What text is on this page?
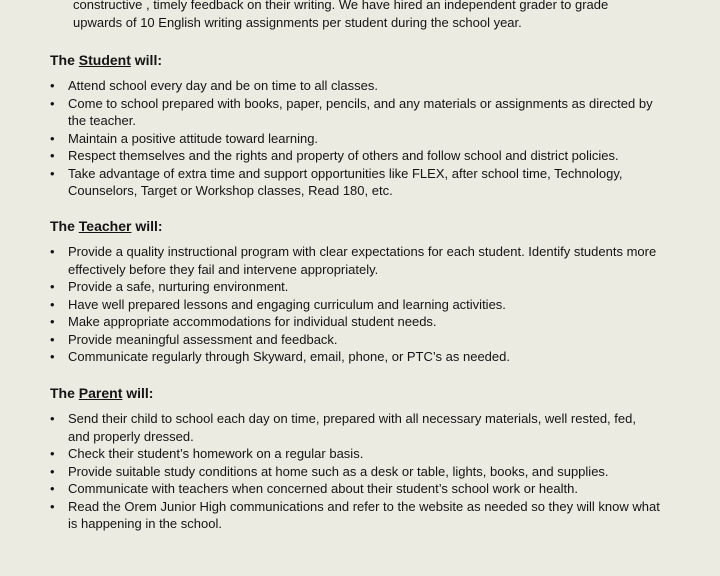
constructive , timely feedback on their writing. We have hired an independent grader to grade
upwards of 10 English writing assignments per student during the school year.

The Student will:
• Attend school every day and be on time to all classes.
• Come to school prepared with books, paper, pencils, and any materials or assignments as directed by the teacher.
• Maintain a positive attitude toward learning.
• Respect themselves and the rights and property of others and follow school and district policies.
• Take advantage of extra time and support opportunities like FLEX, after school time, Technology, Counselors, Target or Workshop classes, Read 180, etc.
The Teacher will:
• Provide a quality instructional program with clear expectations for each student. Identify students more effectively before they fail and intervene appropriately.
• Provide a safe, nurturing environment.
• Have well prepared lessons and engaging curriculum and learning activities.
• Make appropriate accommodations for individual student needs.
• Provide meaningful assessment and feedback.
• Communicate regularly through Skyward, email, phone, or PTC’s as needed.
The Parent will:
• Send their child to school each day on time, prepared with all necessary materials, well rested, fed, and properly dressed.
• Check their student’s homework on a regular basis.
• Provide suitable study conditions at home such as a desk or table, lights, books, and supplies.
• Communicate with teachers when concerned about their student’s school work or health.
• Read the Orem Junior High communications and refer to the website as needed so they will know what is happening in the school.
